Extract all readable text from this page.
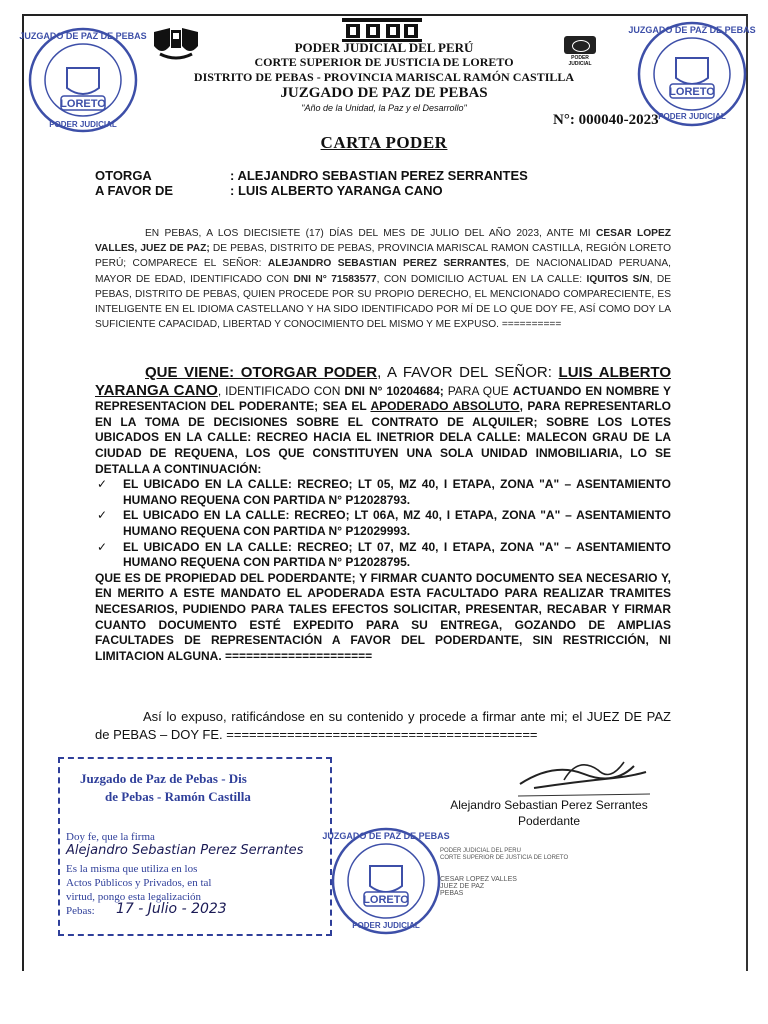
PODER JUDICIAL
LORETO
JUZGADO DE PAZ DE PEBAS
PODER JUDICIAL
LORETO
JUZGADO DE PAZ DE PEBAS
PODER JUDICIAL
PODER JUDICIAL DEL PERÚ
CORTE SUPERIOR DE JUSTICIA DE LORETO
DISTRITO DE PEBAS - PROVINCIA MARISCAL RAMÓN CASTILLA
JUZGADO DE PAZ DE PEBAS
"Año de la Unidad, la Paz y el Desarrollo"
N°: 000040-2023
CARTA PODER
OTORGA	: ALEJANDRO SEBASTIAN PEREZ SERRANTES
A FAVOR DE	: LUIS ALBERTO YARANGA CANO

EN PEBAS, A LOS DIECISIETE (17) DÍAS DEL MES DE JULIO DEL AÑO 2023, ANTE MI CESAR LOPEZ VALLES, JUEZ DE PAZ; DE PEBAS, DISTRITO DE PEBAS, PROVINCIA MARISCAL RAMON CASTILLA, REGIÓN LORETO PERÚ; COMPARECE EL SEÑOR: ALEJANDRO SEBASTIAN PEREZ SERRANTES, DE NACIONALIDAD PERUANA, MAYOR DE EDAD, IDENTIFICADO CON DNI N° 71583577, CON DOMICILIO ACTUAL EN LA CALLE: IQUITOS S/N, DE PEBAS, DISTRITO DE PEBAS, QUIEN PROCEDE POR SU PROPIO DERECHO, EL MENCIONADO COMPARECIENTE, ES INTELIGENTE EN EL IDIOMA CASTELLANO Y HA SIDO IDENTIFICADO POR MÍ DE LO QUE DOY FE, ASÍ COMO DOY LA SUFICIENTE CAPACIDAD, LIBERTAD Y CONOCIMIENTO DEL MISMO Y ME EXPUSO. ==========

QUE VIENE: OTORGAR PODER, A FAVOR DEL SEÑOR: LUIS ALBERTO YARANGA CANO, IDENTIFICADO CON DNI N° 10204684; PARA QUE ACTUANDO EN NOMBRE Y REPRESENTACION DEL PODERANTE; SEA EL APODERADO ABSOLUTO, PARA REPRESENTARLO EN LA TOMA DE DECISIONES SOBRE EL CONTRATO DE ALQUILER; SOBRE LOS LOTES UBICADOS EN LA CALLE: RECREO HACIA EL INETRIOR DELA CALLE: MALECON GRAU DE LA CIUDAD DE REQUENA, LOS QUE CONSTITUYEN UNA SOLA UNIDAD INMOBILIARIA, LO SE DETALLA A CONTINUACIÓN:
✓ EL UBICADO EN LA CALLE: RECREO; LT 05, MZ 40, I ETAPA, ZONA "A" – ASENTAMIENTO HUMANO REQUENA CON PARTIDA N° P12028793.
✓ EL UBICADO EN LA CALLE: RECREO; LT 06A, MZ 40, I ETAPA, ZONA "A" – ASENTAMIENTO HUMANO REQUENA CON PARTIDA N° P12029993.
✓ EL UBICADO EN LA CALLE: RECREO; LT 07, MZ 40, I ETAPA, ZONA "A" – ASENTAMIENTO HUMANO REQUENA CON PARTIDA N° P12028795.
QUE ES DE PROPIEDAD DEL PODERDANTE; Y FIRMAR CUANTO DOCUMENTO SEA NECESARIO Y, EN MERITO A ESTE MANDATO EL APODERADA ESTA FACULTADO PARA REALIZAR TRAMITES NECESARIOS, PUDIENDO PARA TALES EFECTOS SOLICITAR, PRESENTAR, RECABAR Y FIRMAR CUANTO DOCUMENTO ESTÉ EXPEDITO PARA SU ENTREGA, GOZANDO DE AMPLIAS FACULTADES DE REPRESENTACIÓN A FAVOR DEL PODERDANTE, SIN RESTRICCIÓN, NI LIMITACION ALGUNA. =====================

Así lo expuso, ratificándose en su contenido y procede a firmar ante mi; el JUEZ DE PAZ de PEBAS – DOY FE. =========================================

Alejandro Sebastian Perez Serrantes
Poderdante
Juzgado de Paz de Pebas - Dis
de Pebas - Ramón Castilla
Doy fe, que la firma
Alejandro Sebastian Perez Serrantes
Es la misma que utiliza en los
Actos Públicos y Privados, en tal
virtud, pongo esta legalización
Pebas: 17 - Julio - 2023
LORETO
JUZGADO DE PAZ DE PEBAS
PODER JUDICIAL
PODER JUDICIAL DEL PERU
CORTE SUPERIOR DE JUSTICIA DE LORETO
CESAR LOPEZ VALLES
JUEZ DE PAZ
PEBAS
